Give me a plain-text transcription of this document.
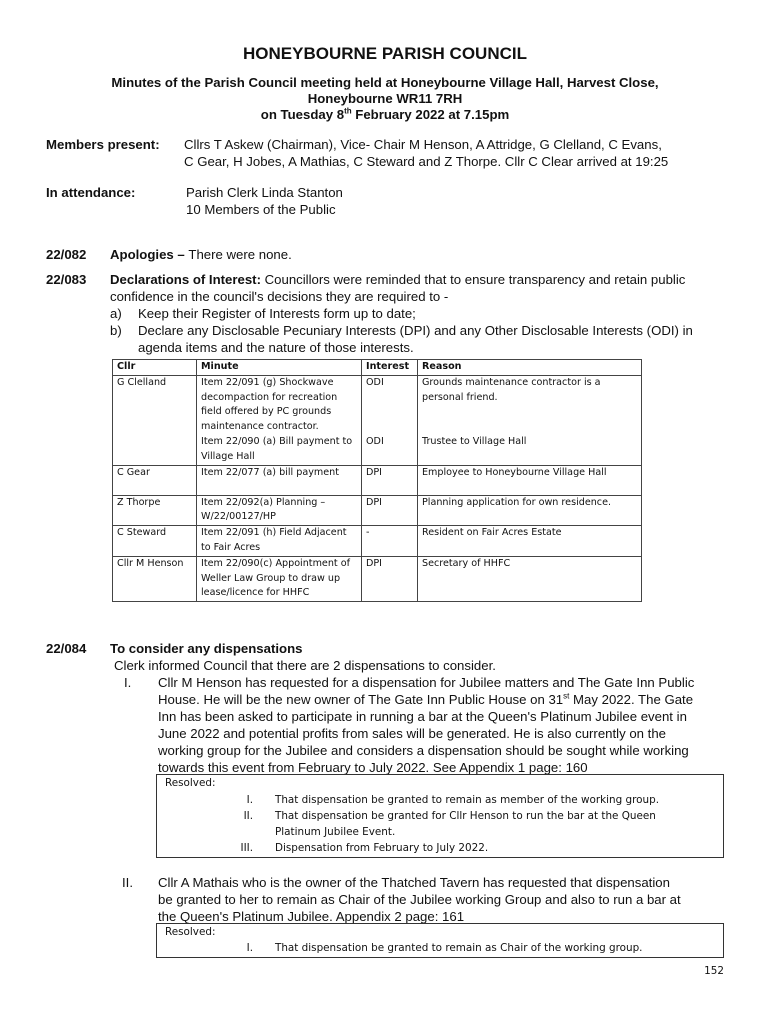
HONEYBOURNE PARISH COUNCIL
Minutes of the Parish Council meeting held at Honeybourne Village Hall, Harvest Close,
Honeybourne WR11 7RH
on Tuesday 8th February 2022 at 7.15pm
Members present: Cllrs T Askew (Chairman), Vice- Chair M Henson, A Attridge, G Clelland, C Evans,
C Gear, H Jobes, A Mathias, C Steward and Z Thorpe. Cllr C Clear arrived at 19:25
In attendance:	Parish Clerk Linda Stanton
10 Members of the Public
22/082 Apologies – There were none.
22/083 Declarations of Interest: Councillors were reminded that to ensure transparency and retain public
confidence in the council's decisions they are required to -
a) Keep their Register of Interests form up to date;
b) Declare any Disclosable Pecuniary Interests (DPI) and any Other Disclosable Interests (ODI) in agenda items and the nature of those interests.
Cllr	Minute	Interest	Reason
G Clelland	Item 22/091 (g) Shockwave decompaction for recreation field offered by PC grounds maintenance contractor.	ODI	Grounds maintenance contractor is a personal friend.
	Item 22/090 (a) Bill payment to Village Hall	ODI	Trustee to Village Hall
C Gear	Item 22/077 (a) bill payment	DPI	Employee to Honeybourne Village Hall
Z Thorpe	Item 22/092(a) Planning – W/22/00127/HP	DPI	Planning application for own residence.
C Steward	Item 22/091 (h) Field Adjacent to Fair Acres	-	Resident on Fair Acres Estate
Cllr M Henson	Item 22/090(c) Appointment of Weller Law Group to draw up lease/licence for HHFC	DPI	Secretary of HHFC
22/084 To consider any dispensations
Clerk informed Council that there are 2 dispensations to consider.
I. Cllr M Henson has requested for a dispensation for Jubilee matters and The Gate Inn Public
House. He will be the new owner of The Gate Inn Public House on 31st May 2022. The Gate
Inn has been asked to participate in running a bar at the Queen's Platinum Jubilee event in
June 2022 and potential profits from sales will be generated. He is also currently on the
working group for the Jubilee and considers a dispensation should be sought while working
towards this event from February to July 2022. See Appendix 1 page: 160
Resolved:
I. That dispensation be granted to remain as member of the working group.
II. That dispensation be granted for Cllr Henson to run the bar at the Queen
Platinum Jubilee Event.
III. Dispensation from February to July 2022.
II. Cllr A Mathais who is the owner of the Thatched Tavern has requested that dispensation
be granted to her to remain as Chair of the Jubilee working Group and also to run a bar at
the Queen's Platinum Jubilee. Appendix 2 page: 161
Resolved:
I. That dispensation be granted to remain as Chair of the working group.
152
